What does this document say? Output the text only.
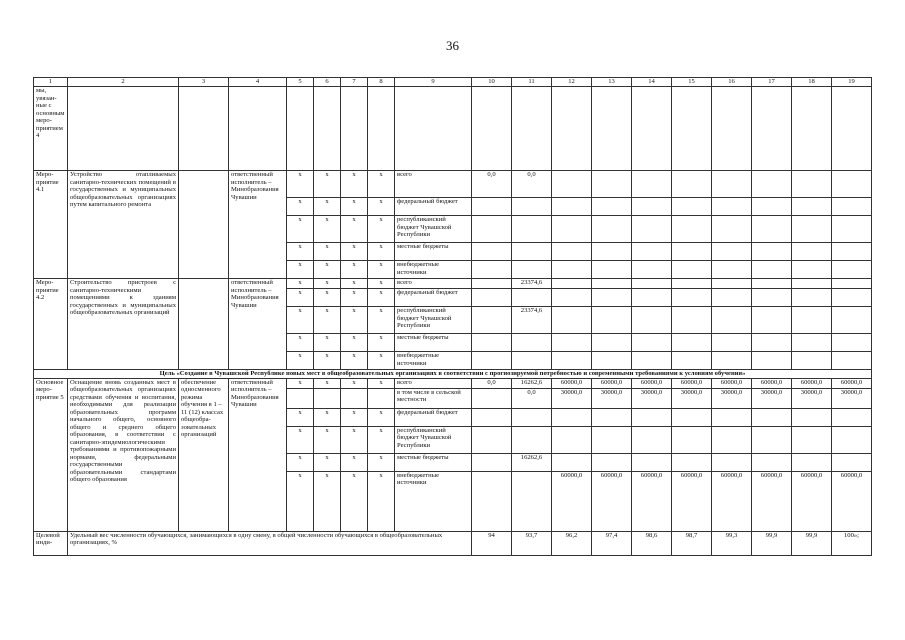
36
1	2	3	4	5	6	7	8	9	10	11	12	13	14	15	16	17	18	19
мы, увязанные с основным мероприятием 4																		
Мероприятие 4.1	Устройство отапливаемых санитарно-технических помещений в государственных и муниципальных общеобразовательных организациях путем капитального ремонта		ответственный исполнитель – Минобразования Чувашии	x	x	x	x	всего	0,0	0,0								
				x	x	x	x	федеральный бюджет										
				x	x	x	x	республиканский бюджет Чувашской Республики										
				x	x	x	x	местные бюджеты										
				x	x	x	x	внебюджетные источники										
Мероприятие 4.2	Строительство пристроев с санитарно-техническими помещениями к зданиям государственных и муниципальных общеобразовательных организаций		ответственный исполнитель – Минобразования Чувашии	x	x	x	x	всего		23374,6								
				x	x	x	x	федеральный бюджет										
				x	x	x	x	республиканский бюджет Чувашской Республики		23374,6								
				x	x	x	x	местные бюджеты										
				x	x	x	x	внебюджетные источники										
Цель «Создание в Чувашской Республике новых мест в общеобразовательных организациях в соответствии с прогнозируемой потребностью и современными требованиями к условиям обучения»																		
Основное мероприятие 5	Оснащение вновь созданных мест в общеобразовательных организациях средствами обучения и воспитания, необходимыми для реализации образовательных программ начального общего, основного общего и среднего общего образования, в соответствии с санитарно-эпидемиологическими требованиями и противопожарными нормами, федеральными государственными образовательными стандартами общего образования	обеспечение односменного режима обучения в 1 – 11 (12) классах общеобразовательных организаций	ответственный исполнитель – Минобразования Чувашии	x	x	x	x	всего	0,0	16262,6	60000,0	60000,0	60000,0	60000,0	60000,0	60000,0	60000,0	60000,0
								в том числе в сельской местности		0,0	30000,0	30000,0	30000,0	30000,0	30000,0	30000,0	30000,0	30000,0
				x	x	x	x	федеральный бюджет										
				x	x	x	x	республиканский бюджет Чувашской Республики										
				x	x	x	x	местные бюджеты		16262,6								
				x	x	x	x	внебюджетные источники			60000,0	60000,0	60000,0	60000,0	60000,0	60000,0	60000,0	60000,0
Целевой инди-	Удельный вес численности обучающихся, занимающихся в одну смену, в общей численности обучающихся в общеобразовательных организациях, %								94	93,7	96,2	97,4	98,6	98,7	99,3	99,9	99,9	100»;
